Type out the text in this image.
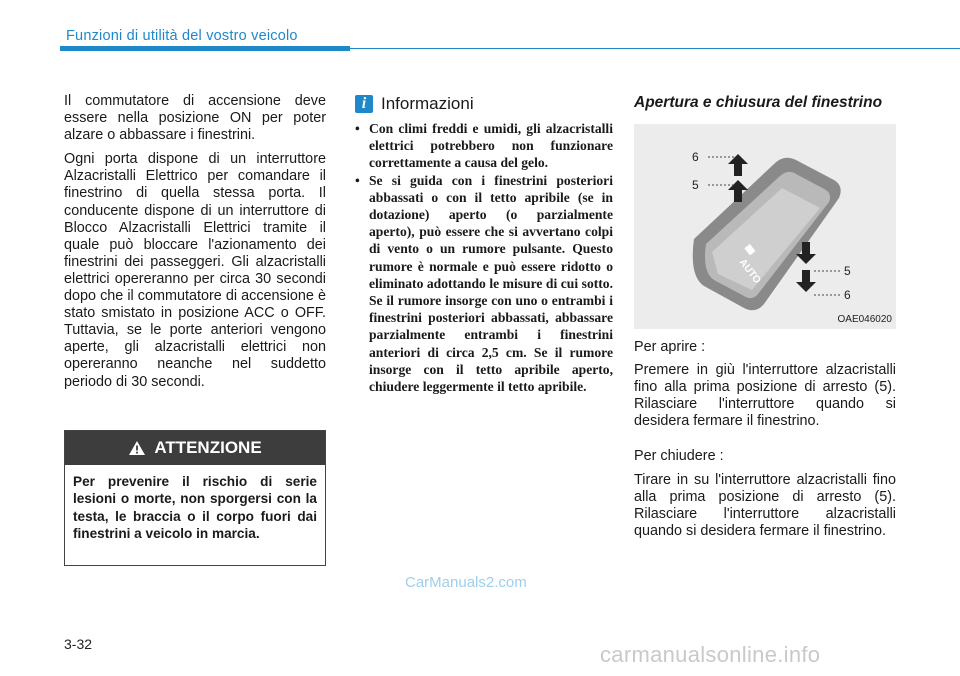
Funzioni di utilità del vostro veicolo

Il commutatore di accensione deve essere nella posizione ON per poter alzare o abbassare i finestrini.

Ogni porta dispone di un interruttore Alzacristalli Elettrico per comandare il finestrino di quella stessa porta. Il conducente dispone di un interruttore di Blocco Alzacristalli Elettrici tramite il quale può bloccare l'azionamento dei finestrini dei passeggeri. Gli alzacristalli elettrici opereranno per circa 30 secondi dopo che il commutatore di accensione è stato smistato in posizione ACC o OFF. Tuttavia, se le porte anteriori vengono aperte, gli alzacristalli elettrici non opereranno neanche nel suddetto periodo di 30 secondi.

ATTENZIONE
Per prevenire il rischio di serie lesioni o morte, non sporgersi con la testa, le braccia o il corpo fuori dai finestrini a veicolo in marcia.
i Informazioni
• Con climi freddi e umidi, gli alzacristalli elettrici potrebbero non funzionare correttamente a causa del gelo.
• Se si guida con i finestrini posteriori abbassati o con il tetto apribile (se in dotazione) aperto (o parzialmente aperto), può essere che si avvertano colpi di vento o un rumore pulsante. Questo rumore è normale e può essere ridotto o eliminato adottando le misure di cui sotto. Se il rumore insorge con uno o entrambi i finestrini posteriori abbassati, abbassare parzialmente entrambi i finestrini anteriori di circa 2,5 cm. Se il rumore insorge con il tetto apribile aperto, chiudere leggermente il tetto apribile.
Apertura e chiusura del finestrino
AUTO
6
5
5
6
OAE046020

Per aprire :

Premere in giù l'interruttore alzacristalli fino alla prima posizione di arresto (5). Rilasciare l'interruttore quando si desidera fermare il finestrino.

Per chiudere :

Tirare in su l'interruttore alzacristalli fino alla prima posizione di arresto (5). Rilasciare l'interruttore alzacristalli quando si desidera fermare il finestrino.

CarManuals2.com
3-32	carmanualsonline.info
